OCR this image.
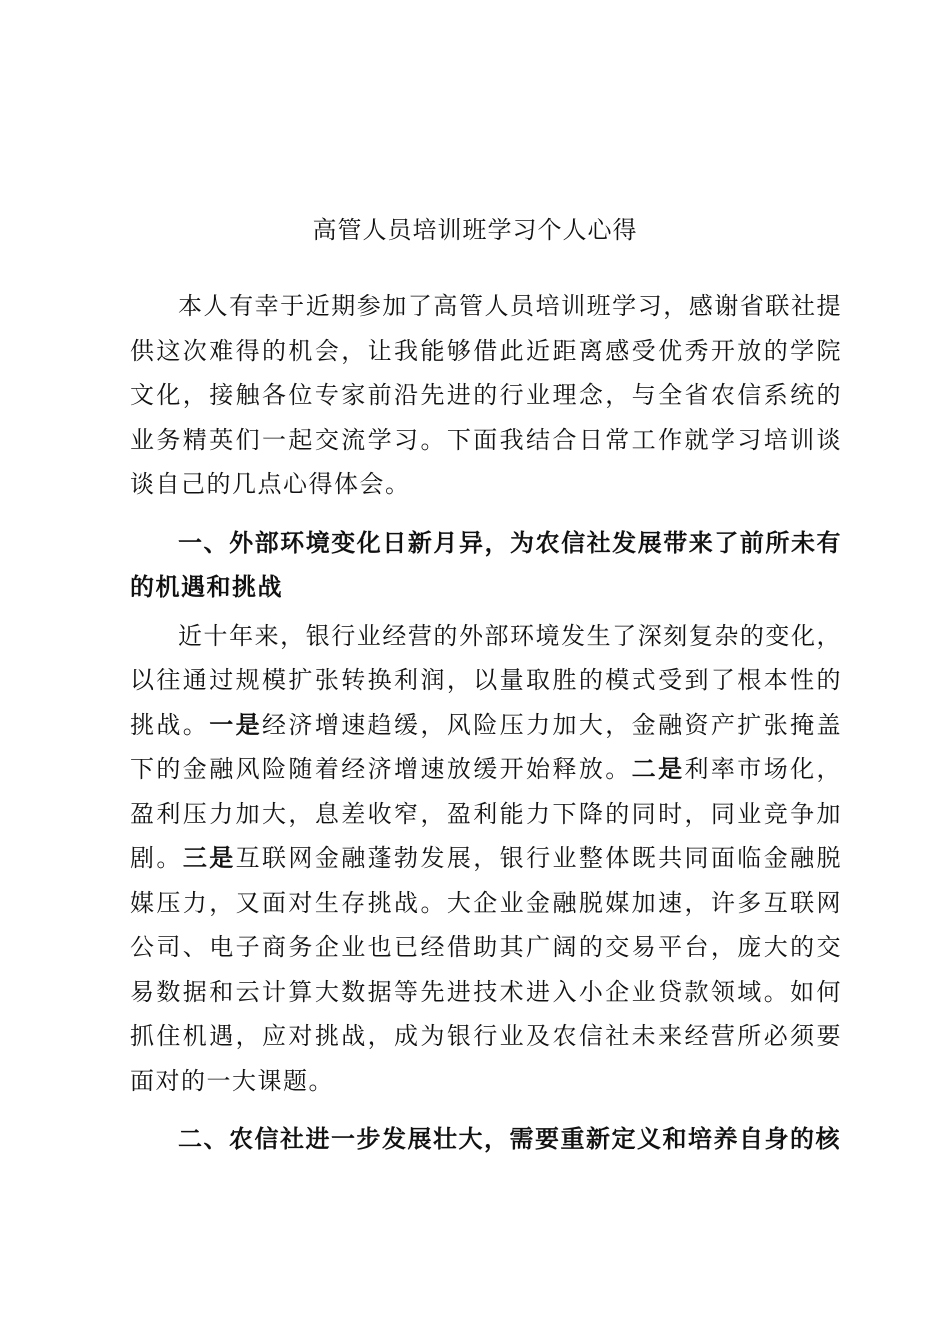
高管人员培训班学习个人心得

本人有幸于近期参加了高管人员培训班学习，感谢省联社提供这次难得的机会，让我能够借此近距离感受优秀开放的学院文化，接触各位专家前沿先进的行业理念，与全省农信系统的业务精英们一起交流学习。下面我结合日常工作就学习培训谈谈自己的几点心得体会。

一、外部环境变化日新月异，为农信社发展带来了前所未有的机遇和挑战

近十年来，银行业经营的外部环境发生了深刻复杂的变化，以往通过规模扩张转换利润，以量取胜的模式受到了根本性的挑战。一是经济增速趋缓，风险压力加大，金融资产扩张掩盖下的金融风险随着经济增速放缓开始释放。二是利率市场化，盈利压力加大，息差收窄，盈利能力下降的同时，同业竞争加剧。三是互联网金融蓬勃发展，银行业整体既共同面临金融脱媒压力，又面对生存挑战。大企业金融脱媒加速，许多互联网公司、电子商务企业也已经借助其广阔的交易平台，庞大的交易数据和云计算大数据等先进技术进入小企业贷款领域。如何抓住机遇，应对挑战，成为银行业及农信社未来经营所必须要面对的一大课题。

二、农信社进一步发展壮大，需要重新定义和培养自身的核
